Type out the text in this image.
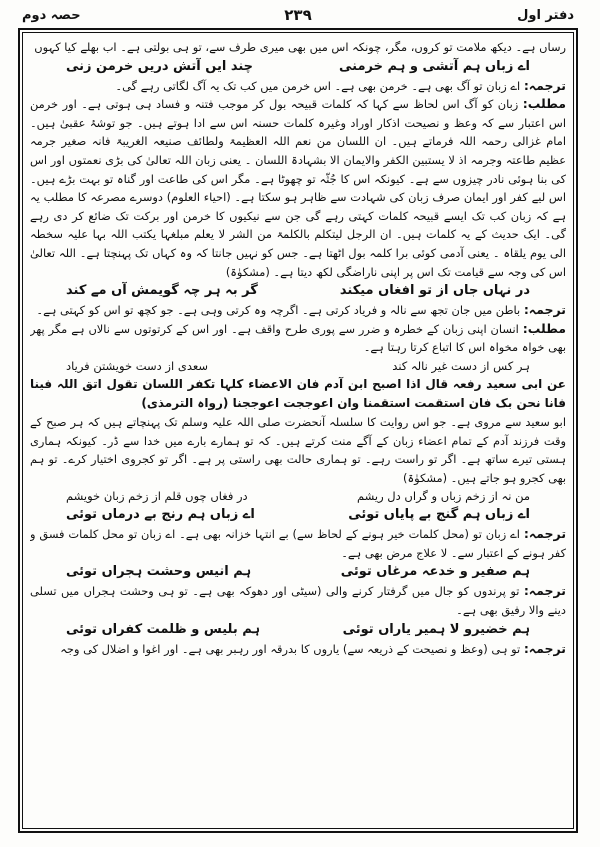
دفتر اول
۲۳۹
حصہ دوم

رساں ہے۔ دیکھ ملامت تو کروں، مگر، چونکہ اس میں بھی میری طرف سے، تو ہی بولتی ہے۔ اب بھلے کیا کہوں

اے زباں ہم آتشی و ہم خرمنی
چند ایں آتش دریں خرمن زنی

ترجمہ: اے زبان تو آگ بھی ہے۔ خرمن بھی ہے۔ اس خرمن میں کب تک یہ آگ لگاتی رہے گی۔

مطلب: زبان کو آگ اس لحاظ سے کہا کہ کلمات قبیحہ بول کر موجب فتنہ و فساد ہی ہوتی ہے۔ اور خرمن اس اعتبار سے کہ وعظ و نصیحت اذکار اوراد وغیرہ کلمات حسنہ اس سے ادا ہوتے ہیں۔ جو توشۂ عقبیٰ ہیں۔ امام غزالی رحمہ اللہ فرماتے ہیں۔ ان اللسان من نعم اللہ العظیمۃ ولطائف صنیعہ الغریبۃ فانہ صغیر جرمہ عظیم طاعتہ وجرمہ اذ لا یستبین الکفر والایمان الا بشہادۃ اللسان ۔ یعنی زبان اللہ تعالیٰ کی بڑی نعمتوں اور اس کی بنا ہوئی نادر چیزوں سے ہے۔ کیونکہ اس کا جُثّہ تو چھوٹا ہے۔ مگر اس کی طاعت اور گناہ تو بہت بڑے ہیں۔ اس لیے کفر اور ایمان صرف زبان کی شہادت سے ظاہر ہو سکتا ہے۔ (احیاء العلوم) دوسرے مصرعہ کا مطلب یہ ہے کہ زبان کب تک ایسے قبیحہ کلمات کہتی رہے گی جن سے نیکیوں کا خرمن اور برکت تک ضائع کر دی رہے گی۔ ایک حدیث کے یہ کلمات ہیں۔ ان الرجل لیتکلم بالکلمۃ من الشر لا یعلم مبلغہا یکتب اللہ بہا علیہ سخطہ الی یوم یلقاہ ۔ یعنی آدمی کوئی برا کلمہ بول اٹھتا ہے۔ جس کو نہیں جانتا کہ وہ کہاں تک پہنچتا ہے۔ اللہ تعالیٰ اس کی وجہ سے قیامت تک اس پر اپنی ناراضگی لکھ دیتا ہے۔ (مشکوٰۃ)

در نہاں جاں از تو افغاں میکند
گر بہ ہر چہ گویمش آں مے کند

ترجمہ: باطن میں جان تجھ سے نالہ و فریاد کرتی ہے۔ اگرچہ وہ کرتی وہی ہے۔ جو کچھ تو اس کو کہتی ہے۔

مطلب: انسان اپنی زبان کے خطرہ و ضرر سے پوری طرح واقف ہے۔ اور اس کے کرتوتوں سے نالاں ہے مگر پھر بھی خواہ مخواہ اس کا اتباع کرتا رہتا ہے۔

ہر کس از دست غیر نالہ کند
سعدی از دست خویشتن فریاد

عن ابی سعید رفعہ قال اذا اصبح ابن آدم فان الاعضاء کلہا تکفر اللسان تقول اتق اللہ فینا فانا نحن بک فان استقمت استقمنا وان اعوججت اعوججنا (رواہ الترمذی)

ابو سعید سے مروی ہے۔ جو اس روایت کا سلسلہ آنحضرت صلی اللہ علیہ وسلم تک پہنچاتے ہیں کہ ہر صبح کے وقت فرزند آدم کے تمام اعضاء زبان کے آگے منت کرتے ہیں۔ کہ تو ہمارے بارے میں خدا سے ڈر۔ کیونکہ ہماری ہستی تیرے ساتھ ہے۔ اگر تو راست رہے۔ تو ہماری حالت بھی راستی پر ہے۔ اگر تو کجروی اختیار کرے۔ تو ہم بھی کجرو ہو جاتے ہیں۔ (مشکوٰۃ)

من نہ از زخم زباں و گراں دل ریشم
در فغاں چوں قلم از زخم زبان خویشم
اے زباں ہم گنج بے پایاں توئی
اے زباں ہم رنج بے درماں توئی

ترجمہ: اے زبان تو (محل کلمات خیر ہونے کے لحاظ سے) بے انتہا خزانہ بھی ہے۔ اے زبان تو محل کلمات فسق و کفر ہونے کے اعتبار سے۔ لا علاج مرض بھی ہے۔

ہم صفیر و خدعہ مرغاں توئی
ہم انیس وحشت ہجراں توئی

ترجمہ: تو پرندوں کو جال میں گرفتار کرنے والی (سیٹی اور دھوکہ بھی ہے۔ تو ہی وحشت ہجراں میں تسلی دینے والا رفیق بھی ہے۔

ہم خضیرو لا ہمیر یاراں توئی
ہم بلیس و ظلمت کفراں توئی

ترجمہ: تو ہی (وعظ و نصیحت کے ذریعہ سے) یاروں کا بدرقہ اور رہبر بھی ہے۔ اور اغوا و اضلال کی وجہ
